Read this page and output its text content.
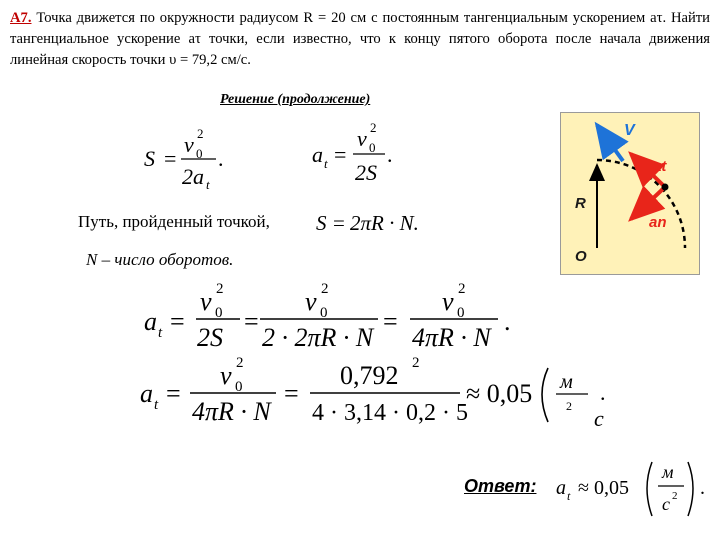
А7. Точка движется по окружности радиусом R = 20 см с постоянным тангенциальным ускорением aτ. Найти тангенциальное ускорение aτ точки, если известно, что к концу пятого оборота после начала движения линейная скорость точки υ = 79,2 см/с.
Решение (продолжение)
V
at
an
R
O
Путь, пройденный точкой,
N – число оборотов.
Ответ:
S =
v 0
2
2a t
.	a t =
v 0
2
2S
.
S = 2πR · N.
a t =
v 0
2
2S
=
v 0
2
2 · 2πR · N
=
v 0
2
4πR · N
.
a t =
v 0
2
4πR · N
=
0,792 2
4 · 3,14 · 0,2 · 5
≈ 0,05 м
2 c
.
a t ≈ 0,05
м
c 2 .
